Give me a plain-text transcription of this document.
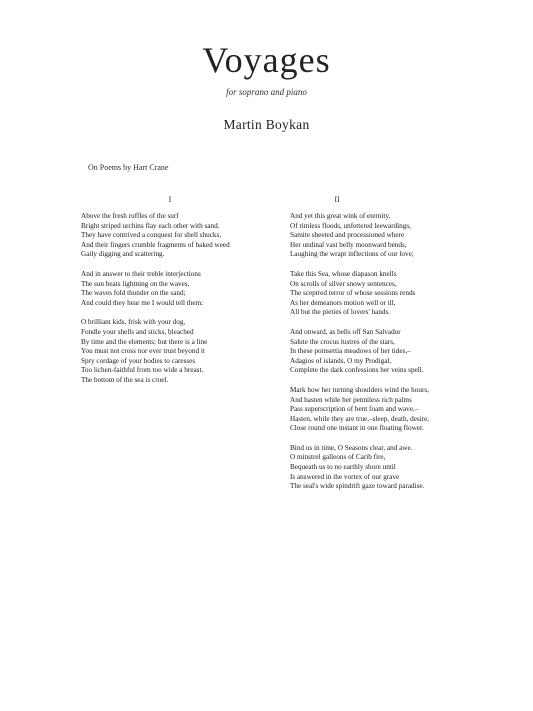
Voyages
for soprano and piano
Martin Boykan
On Poems by Hart Crane
I	II
Above the fresh ruffles of the surf
Bright striped urchins flay each other with sand.
They have contrived a conquest for shell shucks,
And their fingers crumble fragments of baked weed
Gaily digging and scattering.
And in answer to their treble interjections
The sun beats lightning on the waves,
The waves fold thunder on the sand;
And could they hear me I would tell them:
O brilliant kids, frisk with your dog,
Fondle your shells and sticks, bleached
By time and the elements; but there is a line
You must not cross nor ever trust beyond it
Spry cordage of your bodies to caresses
Too lichen-faithful from too wide a breast.
The bottom of the sea is cruel.
And yet this great wink of eternity,
Of rimless floods, unfettered leewardings,
Samite sheeted and processioned where
Her undinal vast belly moonward bends,
Laughing the wrapt inflections of our love;
Take this Sea, whose diapason knells
On scrolls of silver snowy sentences,
The sceptred terror of whose sessions rends
As her demeanors motion well or ill,
All but the pieties of lovers' hands.
And onward, as bells off San Salvador
Salute the crocus lustres of the stars,
In these poinsettia meadows of her tides,–
Adagios of islands, O my Prodigal,
Complete the dark confessions her veins spell.
Mark how her turning shoulders wind the hours,
And hasten while her penniless rich palms
Pass superscription of bent foam and wave,–
Hasten, while they are true,–sleep, death, desire,
Close round one instant in one floating flower.
Bind us in time, O Seasons clear, and awe.
O minstrel galleons of Carib fire,
Bequeath us to no earthly shore until
Is answered in the vortex of our grave
The seal's wide spindrift gaze toward paradise.
